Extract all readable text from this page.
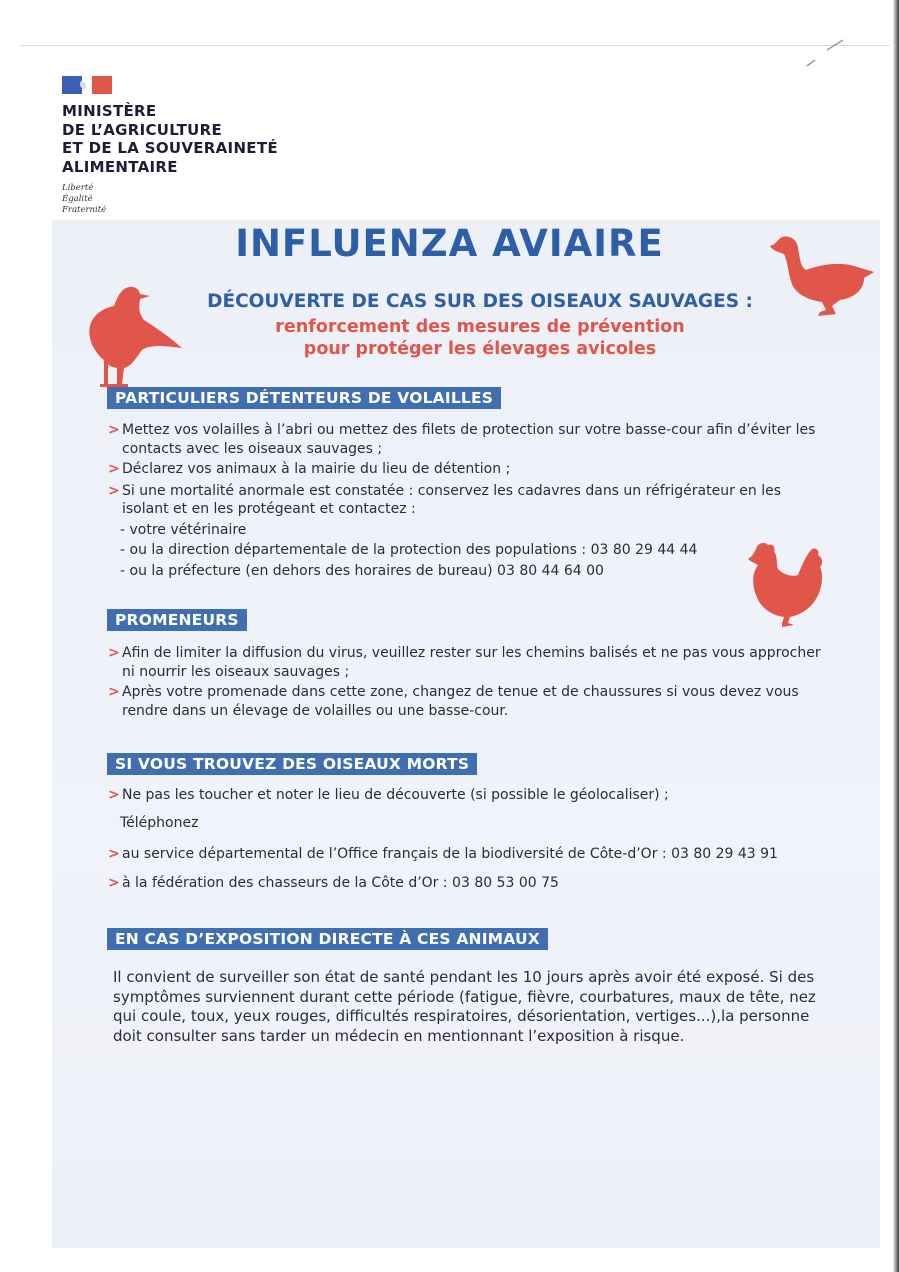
MINISTÈRE
DE L’AGRICULTURE
ET DE LA SOUVERAINETÉ
ALIMENTAIRE
Liberté
Égalité
Fraternité
INFLUENZA AVIAIRE
DÉCOUVERTE DE CAS SUR DES OISEAUX SAUVAGES :
renforcement des mesures de prévention
pour protéger les élevages avicoles
PARTICULIERS DÉTENTEURS DE VOLAILLES
> Mettez vos volailles à l’abri ou mettez des filets de protection sur votre basse-cour afin d’éviter les contacts avec les oiseaux sauvages ;
> Déclarez vos animaux à la mairie du lieu de détention ;
> Si une mortalité anormale est constatée : conservez les cadavres dans un réfrigérateur en les isolant et en les protégeant et contactez :
- votre vétérinaire
- ou la direction départementale de la protection des populations : 03 80 29 44 44
- ou la préfecture (en dehors des horaires de bureau) 03 80 44 64 00
PROMENEURS
> Afin de limiter la diffusion du virus, veuillez rester sur les chemins balisés et ne pas vous approcher ni nourrir les oiseaux sauvages ;
> Après votre promenade dans cette zone, changez de tenue et de chaussures si vous devez vous rendre dans un élevage de volailles ou une basse-cour.
SI VOUS TROUVEZ DES OISEAUX MORTS
> Ne pas les toucher et noter le lieu de découverte (si possible le géolocaliser) ;
Téléphonez
> au service départemental de l’Office français de la biodiversité de Côte-d’Or : 03 80 29 43 91
> à la fédération des chasseurs de la Côte d’Or : 03 80 53 00 75
EN CAS D’EXPOSITION DIRECTE À CES ANIMAUX
Il convient de surveiller son état de santé pendant les 10 jours après avoir été exposé. Si des symptômes surviennent durant cette période (fatigue, fièvre, courbatures, maux de tête, nez qui coule, toux, yeux rouges, difficultés respiratoires, désorientation, vertiges...),la personne doit consulter sans tarder un médecin en mentionnant l’exposition à risque.
